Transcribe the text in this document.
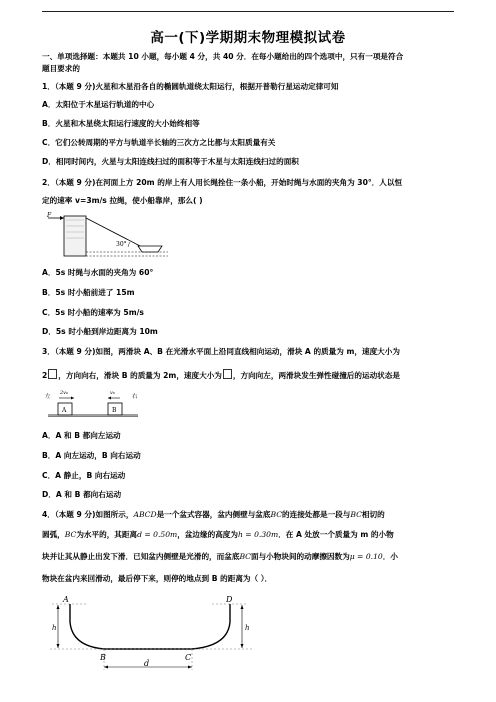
高一(下)学期期末物理模拟试卷
一、单项选择题：本题共 10 小题，每小题 4 分，共 40 分．在每小题给出的四个选项中，只有一项是符合
题目要求的
1．（本题 9 分)火星和木星沿各自的椭圆轨道绕太阳运行，根据开普勒行星运动定律可知
A．太阳位于木星运行轨道的中心
B．火星和木星绕太阳运行速度的大小始终相等
C．它们公转周期的平方与轨道半长轴的三次方之比都与太阳质量有关
D．相同时间内，火星与太阳连线扫过的面积等于木星与太阳连线扫过的面积
2．（本题 9 分)在河面上方 20m 的岸上有人用长绳拴住一条小船，开始时绳与水面的夹角为 30°．人以恒
定的速率 v=3m/s 拉绳，使小船靠岸，那么( )
F
30°
A．5s 时绳与水面的夹角为 60°
B．5s 时小船前进了 15m
C．5s 时小船的速率为 5m/s
D．5s 时小船到岸边距离为 10m
3．（本题 9 分)如图，两滑块 A、B 在光滑水平面上沿同直线相向运动，滑块 A 的质量为 m，速度大小为
2 ，方向向右，滑块 B 的质量为 2m，速度大小为 ，方向向左，两滑块发生弹性碰撞后的运动状态是
左	右
2v₀	v₀
A	B
A．A 和 B 都向左运动
B．A 向左运动，B 向右运动
C．A 静止，B 向右运动
D．A 和 B 都向右运动
4．（本题 9 分)如图所示，ABCD是一个盆式容器，盆内侧壁与盆底BC的连接处都是一段与BC相切的
圆弧，BC为水平的，其距离d = 0.50m，盆边缘的高度为h = 0.30m．在 A 处放一个质量为 m 的小物
块并让其从静止出发下滑．已知盆内侧壁是光滑的，而盆底BC面与小物块间的动摩擦因数为μ = 0.10．小
物块在盆内来回滑动，最后停下来，则停的地点到 B 的距离为（ ）．
A	D
h	h
B	C
d
